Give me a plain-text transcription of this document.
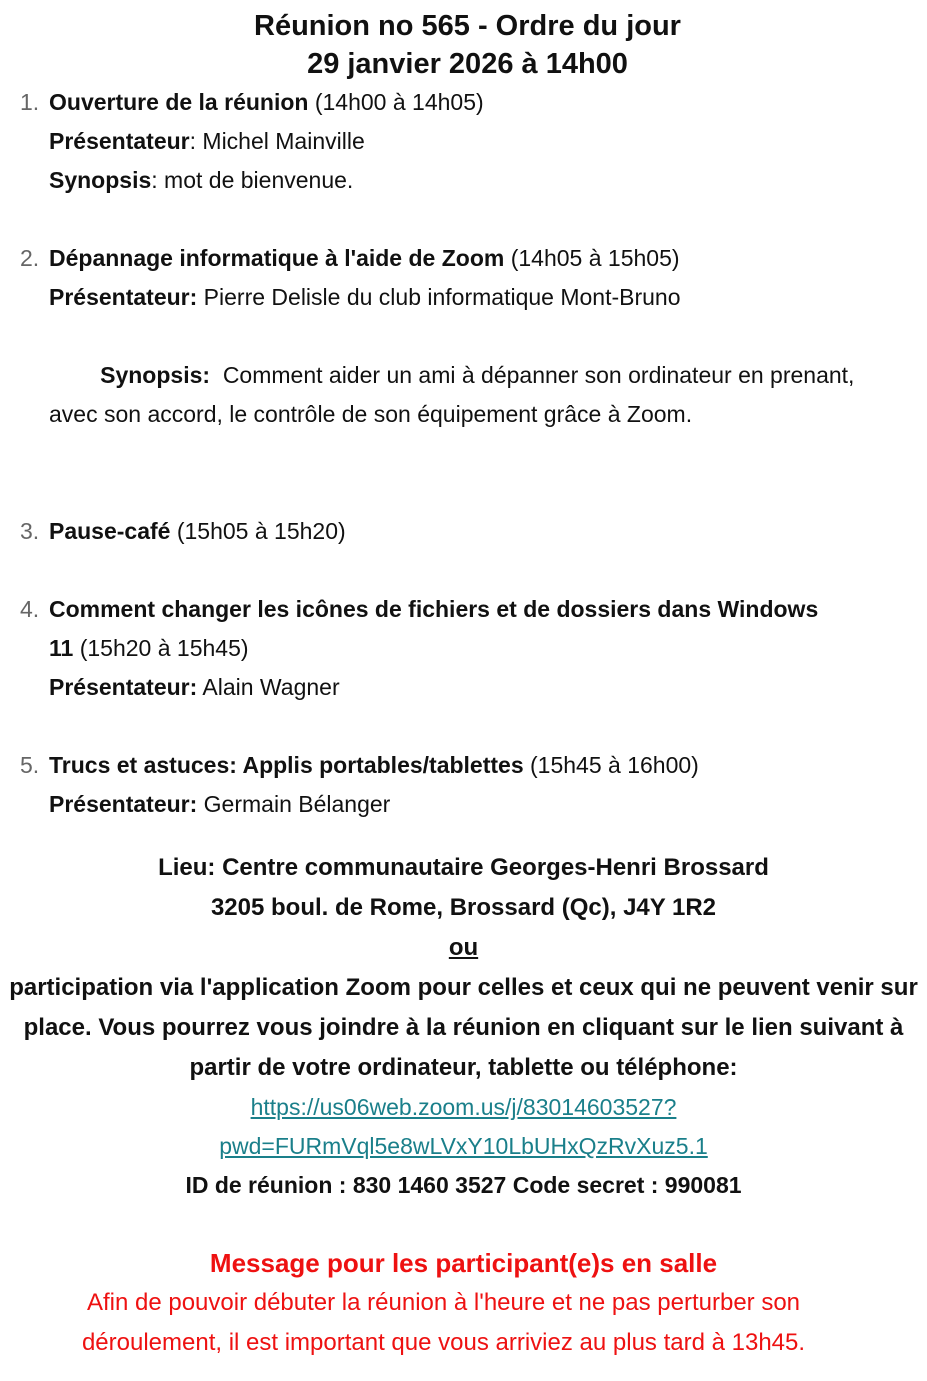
Réunion no 565 - Ordre du jour
29 janvier 2026 à 14h00
1. Ouverture de la réunion (14h00 à 14h05)
Présentateur: Michel Mainville
Synopsis: mot de bienvenue.
2. Dépannage informatique à l'aide de Zoom (14h05 à 15h05)
Présentateur: Pierre Delisle du club informatique Mont-Bruno

Synopsis:  Comment aider un ami à dépanner son ordinateur en prenant, avec son accord, le contrôle de son équipement grâce à Zoom.

3. Pause-café (15h05 à 15h20)
4. Comment changer les icônes de fichiers et de dossiers dans Windows 11 (15h20 à 15h45)
Présentateur: Alain Wagner
5. Trucs et astuces: Applis portables/tablettes (15h45 à 16h00)
Présentateur: Germain Bélanger
Lieu: Centre communautaire Georges-Henri Brossard
3205 boul. de Rome, Brossard (Qc), J4Y 1R2
ou
participation via l'application Zoom pour celles et ceux qui ne peuvent venir sur place. Vous pourrez vous joindre à la réunion en cliquant sur le lien suivant à partir de votre ordinateur, tablette ou téléphone:
https://us06web.zoom.us/j/83014603527?
pwd=FURmVql5e8wLVxY10LbUHxQzRvXuz5.1
ID de réunion : 830 1460 3527 Code secret : 990081
Message pour les participant(e)s en salle
Afin de pouvoir débuter la réunion à l'heure et ne pas perturber son déroulement, il est important que vous arriviez au plus tard à 13h45.
